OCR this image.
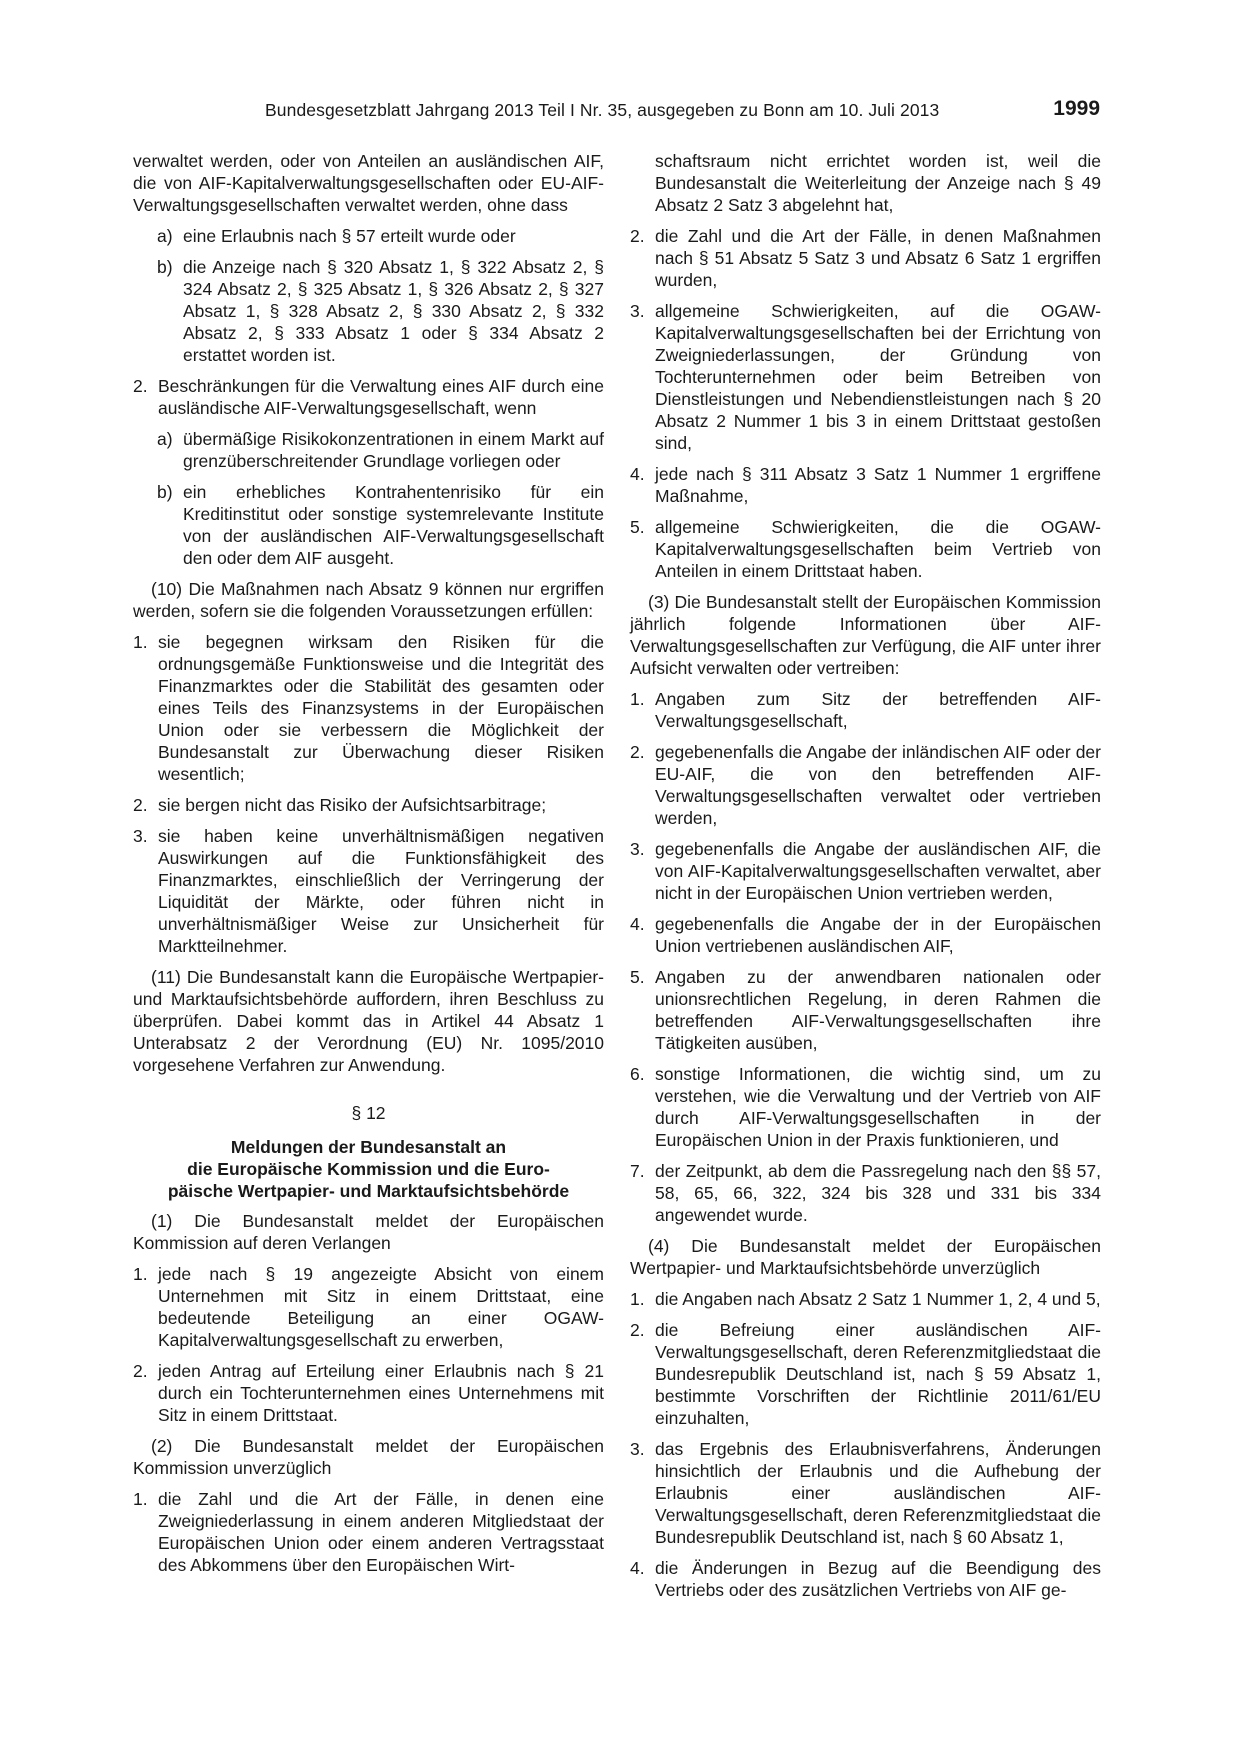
Bundesgesetzblatt Jahrgang 2013 Teil I Nr. 35, ausgegeben zu Bonn am 10. Juli 2013	1999

verwaltet werden, oder von Anteilen an ausländischen AIF, die von AIF-Kapitalverwaltungsgesellschaften oder EU-AIF-Verwaltungsgesellschaften verwaltet werden, ohne dass

a) eine Erlaubnis nach § 57 erteilt wurde oder
b) die Anzeige nach § 320 Absatz 1, § 322 Absatz 2, § 324 Absatz 2, § 325 Absatz 1, § 326 Absatz 2, § 327 Absatz 1, § 328 Absatz 2, § 330 Absatz 2, § 332 Absatz 2, § 333 Absatz 1 oder § 334 Absatz 2 erstattet worden ist.
2. Beschränkungen für die Verwaltung eines AIF durch eine ausländische AIF-Verwaltungsgesellschaft, wenn
a) übermäßige Risikokonzentrationen in einem Markt auf grenzüberschreitender Grundlage vorliegen oder
b) ein erhebliches Kontrahentenrisiko für ein Kreditinstitut oder sonstige systemrelevante Institute von der ausländischen AIF-Verwaltungsgesellschaft den oder dem AIF ausgeht.

(10) Die Maßnahmen nach Absatz 9 können nur ergriffen werden, sofern sie die folgenden Voraussetzungen erfüllen:

1. sie begegnen wirksam den Risiken für die ordnungsgemäße Funktionsweise und die Integrität des Finanzmarktes oder die Stabilität des gesamten oder eines Teils des Finanzsystems in der Europäischen Union oder sie verbessern die Möglichkeit der Bundesanstalt zur Überwachung dieser Risiken wesentlich;
2. sie bergen nicht das Risiko der Aufsichtsarbitrage;
3. sie haben keine unverhältnismäßigen negativen Auswirkungen auf die Funktionsfähigkeit des Finanzmarktes, einschließlich der Verringerung der Liquidität der Märkte, oder führen nicht in unverhältnismäßiger Weise zur Unsicherheit für Marktteilnehmer.

(11) Die Bundesanstalt kann die Europäische Wertpapier- und Marktaufsichtsbehörde auffordern, ihren Beschluss zu überprüfen. Dabei kommt das in Artikel 44 Absatz 1 Unterabsatz 2 der Verordnung (EU) Nr. 1095/2010 vorgesehene Verfahren zur Anwendung.

§ 12
Meldungen der Bundesanstalt an
die Europäische Kommission und die Euro-
päische Wertpapier- und Marktaufsichtsbehörde

(1) Die Bundesanstalt meldet der Europäischen Kommission auf deren Verlangen

1. jede nach § 19 angezeigte Absicht von einem Unternehmen mit Sitz in einem Drittstaat, eine bedeutende Beteiligung an einer OGAW-Kapitalverwaltungsgesellschaft zu erwerben,
2. jeden Antrag auf Erteilung einer Erlaubnis nach § 21 durch ein Tochterunternehmen eines Unternehmens mit Sitz in einem Drittstaat.

(2) Die Bundesanstalt meldet der Europäischen Kommission unverzüglich

1. die Zahl und die Art der Fälle, in denen eine Zweigniederlassung in einem anderen Mitgliedstaat der Europäischen Union oder einem anderen Vertragsstaat des Abkommens über den Europäischen Wirt-

schaftsraum nicht errichtet worden ist, weil die Bundesanstalt die Weiterleitung der Anzeige nach § 49 Absatz 2 Satz 3 abgelehnt hat,

2. die Zahl und die Art der Fälle, in denen Maßnahmen nach § 51 Absatz 5 Satz 3 und Absatz 6 Satz 1 ergriffen wurden,
3. allgemeine Schwierigkeiten, auf die OGAW-Kapitalverwaltungsgesellschaften bei der Errichtung von Zweigniederlassungen, der Gründung von Tochterunternehmen oder beim Betreiben von Dienstleistungen und Nebendienstleistungen nach § 20 Absatz 2 Nummer 1 bis 3 in einem Drittstaat gestoßen sind,
4. jede nach § 311 Absatz 3 Satz 1 Nummer 1 ergriffene Maßnahme,
5. allgemeine Schwierigkeiten, die die OGAW-Kapitalverwaltungsgesellschaften beim Vertrieb von Anteilen in einem Drittstaat haben.

(3) Die Bundesanstalt stellt der Europäischen Kommission jährlich folgende Informationen über AIF-Verwaltungsgesellschaften zur Verfügung, die AIF unter ihrer Aufsicht verwalten oder vertreiben:

1. Angaben zum Sitz der betreffenden AIF-Verwaltungsgesellschaft,
2. gegebenenfalls die Angabe der inländischen AIF oder der EU-AIF, die von den betreffenden AIF-Verwaltungsgesellschaften verwaltet oder vertrieben werden,
3. gegebenenfalls die Angabe der ausländischen AIF, die von AIF-Kapitalverwaltungsgesellschaften verwaltet, aber nicht in der Europäischen Union vertrieben werden,
4. gegebenenfalls die Angabe der in der Europäischen Union vertriebenen ausländischen AIF,
5. Angaben zu der anwendbaren nationalen oder unionsrechtlichen Regelung, in deren Rahmen die betreffenden AIF-Verwaltungsgesellschaften ihre Tätigkeiten ausüben,
6. sonstige Informationen, die wichtig sind, um zu verstehen, wie die Verwaltung und der Vertrieb von AIF durch AIF-Verwaltungsgesellschaften in der Europäischen Union in der Praxis funktionieren, und
7. der Zeitpunkt, ab dem die Passregelung nach den §§ 57, 58, 65, 66, 322, 324 bis 328 und 331 bis 334 angewendet wurde.

(4) Die Bundesanstalt meldet der Europäischen Wertpapier- und Marktaufsichtsbehörde unverzüglich

1. die Angaben nach Absatz 2 Satz 1 Nummer 1, 2, 4 und 5,
2. die Befreiung einer ausländischen AIF-Verwaltungsgesellschaft, deren Referenzmitgliedstaat die Bundesrepublik Deutschland ist, nach § 59 Absatz 1, bestimmte Vorschriften der Richtlinie 2011/61/EU einzuhalten,
3. das Ergebnis des Erlaubnisverfahrens, Änderungen hinsichtlich der Erlaubnis und die Aufhebung der Erlaubnis einer ausländischen AIF-Verwaltungsgesellschaft, deren Referenzmitgliedstaat die Bundesrepublik Deutschland ist, nach § 60 Absatz 1,
4. die Änderungen in Bezug auf die Beendigung des Vertriebs oder des zusätzlichen Vertriebs von AIF ge-
